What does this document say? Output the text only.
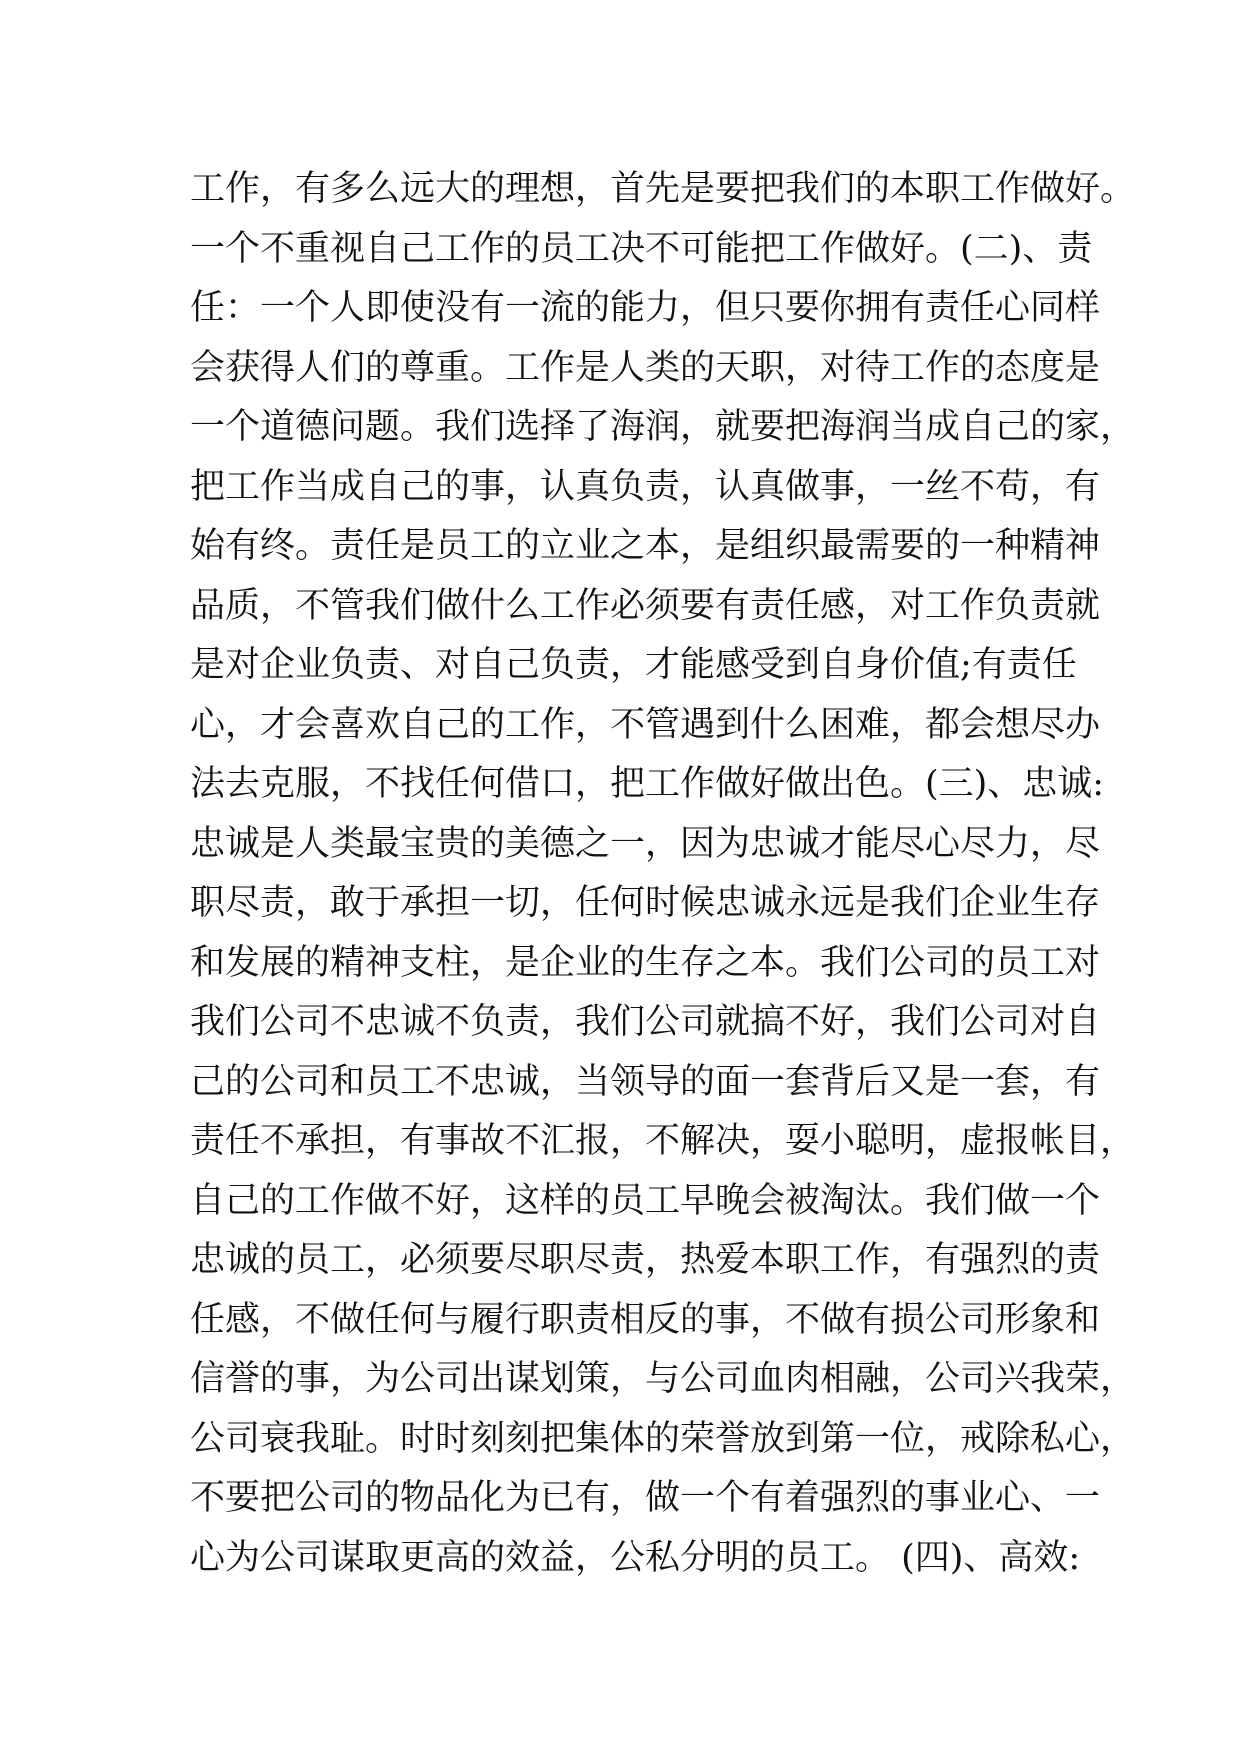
工作，有多么远大的理想，首先是要把我们的本职工作做好。
一个不重视自己工作的员工决不可能把工作做好。(二)、责
任：一个人即使没有一流的能力，但只要你拥有责任心同样
会获得人们的尊重。工作是人类的天职，对待工作的态度是
一个道德问题。我们选择了海润，就要把海润当成自己的家，
把工作当成自己的事，认真负责，认真做事，一丝不苟，有
始有终。责任是员工的立业之本，是组织最需要的一种精神
品质，不管我们做什么工作必须要有责任感，对工作负责就
是对企业负责、对自己负责，才能感受到自身价值;有责任
心，才会喜欢自己的工作，不管遇到什么困难，都会想尽办
法去克服，不找任何借口，把工作做好做出色。(三)、忠诚:
忠诚是人类最宝贵的美德之一，因为忠诚才能尽心尽力，尽
职尽责，敢于承担一切，任何时候忠诚永远是我们企业生存
和发展的精神支柱，是企业的生存之本。我们公司的员工对
我们公司不忠诚不负责，我们公司就搞不好，我们公司对自
己的公司和员工不忠诚，当领导的面一套背后又是一套，有
责任不承担，有事故不汇报，不解决，耍小聪明，虚报帐目，
自己的工作做不好，这样的员工早晚会被淘汰。我们做一个
忠诚的员工，必须要尽职尽责，热爱本职工作，有强烈的责
任感，不做任何与履行职责相反的事，不做有损公司形象和
信誉的事，为公司出谋划策，与公司血肉相融，公司兴我荣，
公司衰我耻。时时刻刻把集体的荣誉放到第一位，戒除私心，
不要把公司的物品化为已有，做一个有着强烈的事业心、一
心为公司谋取更高的效益，公私分明的员工。 (四)、高效:
